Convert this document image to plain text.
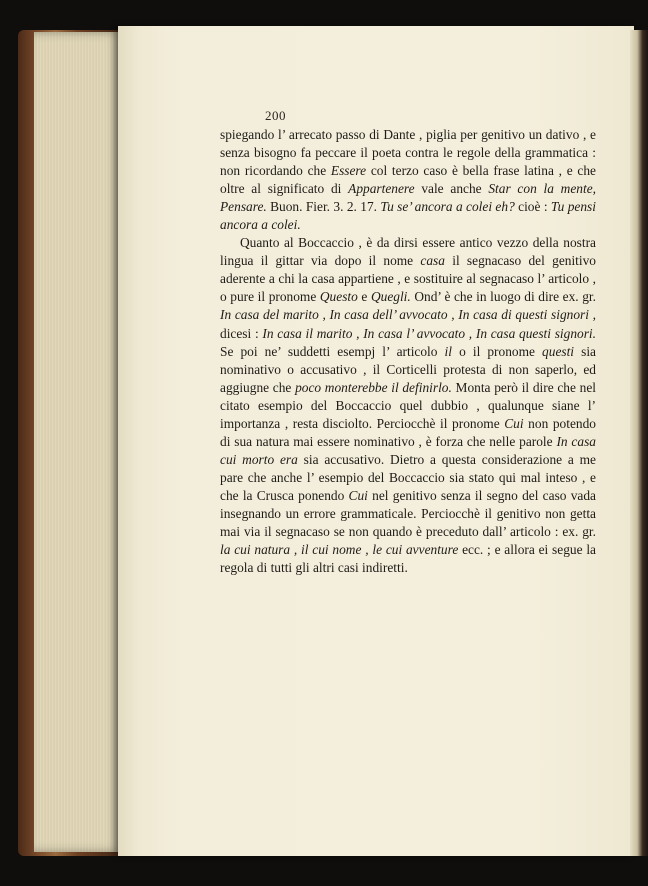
200

spiegando l’ arrecato passo di Dante , piglia per genitivo un dativo , e senza bisogno fa peccare il poeta contra le regole della grammatica : non ricordando che Essere col terzo caso è bella frase latina , e che oltre al significato di Appartenere vale anche Star con la mente, Pensare. Buon. Fier. 3. 2. 17. Tu se’ ancora a colei eh? cioè : Tu pensi ancora a colei.

Quanto al Boccaccio , è da dirsi essere antico vezzo della nostra lingua il gittar via dopo il nome casa il segnacaso del genitivo aderente a chi la casa appartiene , e sostituire al segnacaso l’ articolo , o pure il pronome Questo e Quegli. Ond’ è che in luogo di dire ex. gr. In casa del marito , In casa dell’ avvocato , In casa di questi signori , dicesi : In casa il marito , In casa l’ avvocato , In casa questi signori. Se poi ne’ suddetti esempj l’ articolo il o il pronome questi sia nominativo o accusativo , il Corticelli protesta di non saperlo, ed aggiugne che poco monterebbe il definirlo. Monta però il dire che nel citato esempio del Boccaccio quel dubbio , qualunque siane l’ importanza , resta disciolto. Perciocchè il pronome Cui non potendo di sua natura mai essere nominativo , è forza che nelle parole In casa cui morto era sia accusativo. Dietro a questa considerazione a me pare che anche l’ esempio del Boccaccio sia stato qui mal inteso , e che la Crusca ponendo Cui nel genitivo senza il segno del caso vada insegnando un errore grammaticale. Perciocchè il genitivo non getta mai via il segnacaso se non quando è preceduto dall’ articolo : ex. gr. la cui natura , il cui nome , le cui avventure ecc. ; e allora ei segue la regola di tutti gli altri casi indiretti.
